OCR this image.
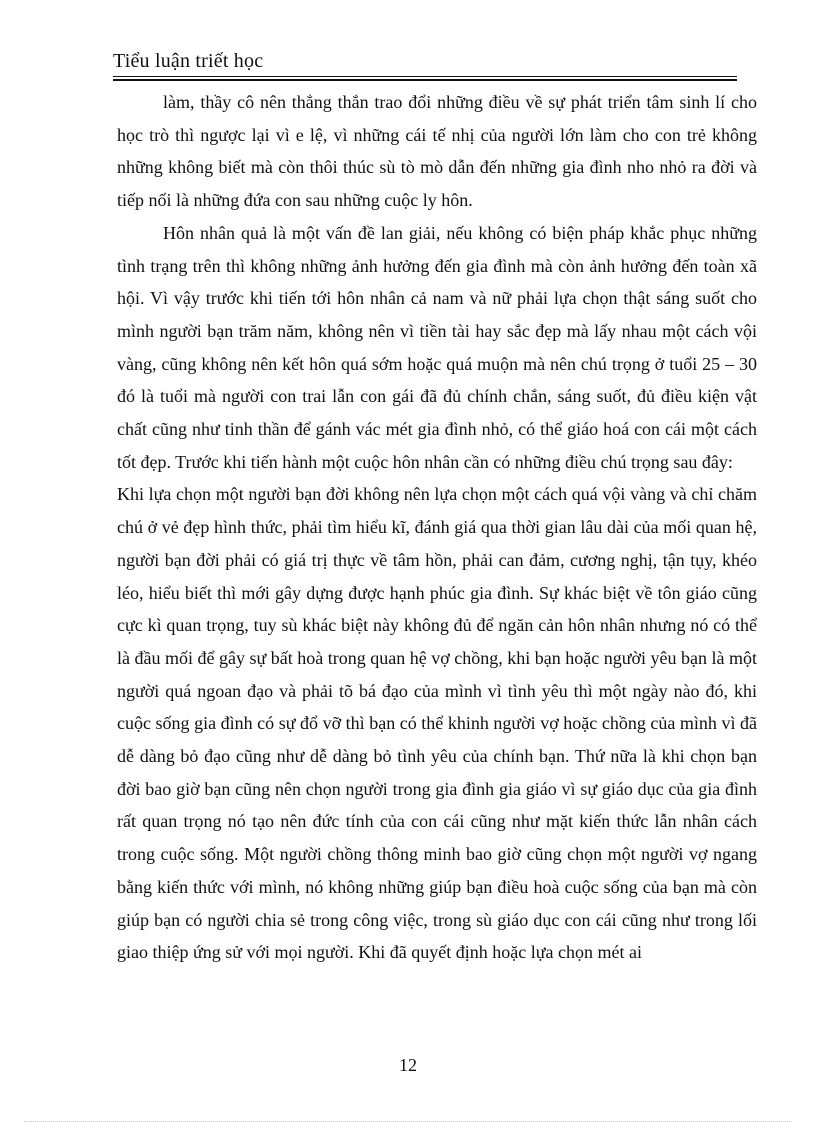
Tiểu luận triết học

làm, thầy cô nên thẳng thắn trao đổi những điều về sự phát triển tâm sinh lí cho học trò thì ngược lại vì e lệ, vì những cái tế nhị của người lớn làm cho con trẻ không những không biết mà còn thôi thúc sù tò mò dẫn đến những gia đình nho nhỏ ra đời và tiếp nối là những đứa con sau những cuộc ly hôn.

Hôn nhân quả là một vấn đề lan giải, nếu không có biện pháp khắc phục những tình trạng trên thì không những ảnh hưởng đến gia đình mà còn ảnh hưởng đến toàn xã hội. Vì vậy trước khi tiến tới hôn nhân cả nam và nữ phải lựa chọn thật sáng suốt cho mình người bạn trăm năm, không nên vì tiền tài hay sắc đẹp mà lấy nhau một cách vội vàng, cũng không nên kết hôn quá sớm hoặc quá muộn mà nên chú trọng ở tuổi 25 – 30 đó là tuổi mà người con trai lẫn con gái đã đủ chính chắn, sáng suốt, đủ điều kiện vật chất cũng như tinh thần để gánh vác mét gia đình nhỏ, có thể giáo hoá con cái một cách tốt đẹp. Trước khi tiến hành một cuộc hôn nhân cần có những điều chú trọng sau đây:

Khi lựa chọn một người bạn đời không nên lựa chọn một cách quá vội vàng và chỉ chăm chú ở vẻ đẹp hình thức, phải tìm hiểu kĩ, đánh giá qua thời gian lâu dài của mối quan hệ, người bạn đời phải có giá trị thực về tâm hồn, phải can đảm, cương nghị, tận tụy, khéo léo, hiểu biết thì mới gây dựng được hạnh phúc gia đình. Sự khác biệt về tôn giáo cũng cực kì quan trọng, tuy sù khác biệt này không đủ để ngăn cản hôn nhân nhưng nó có thể là đầu mối để gây sự bất hoà trong quan hệ vợ chồng, khi bạn hoặc người yêu bạn là một người quá ngoan đạo và phải tõ bá đạo của mình vì tình yêu thì một ngày nào đó, khi cuộc sống gia đình có sự đổ vỡ thì bạn có thể khinh người vợ hoặc chồng của mình vì đã dễ dàng bỏ đạo cũng như dễ dàng bỏ tình yêu của chính bạn. Thứ nữa là khi chọn bạn đời bao giờ bạn cũng nên chọn người trong gia đình gia giáo vì sự giáo dục của gia đình rất quan trọng nó tạo nên đức tính của con cái cũng như mặt kiến thức lẫn nhân cách trong cuộc sống. Một người chồng thông minh bao giờ cũng chọn một người vợ ngang bằng kiến thức với mình, nó không những giúp bạn điều hoà cuộc sống của bạn mà còn giúp bạn có người chia sẻ trong công việc, trong sù giáo dục con cái cũng như trong lối giao thiệp ứng sử với mọi người. Khi đã quyết định hoặc lựa chọn mét ai

12
